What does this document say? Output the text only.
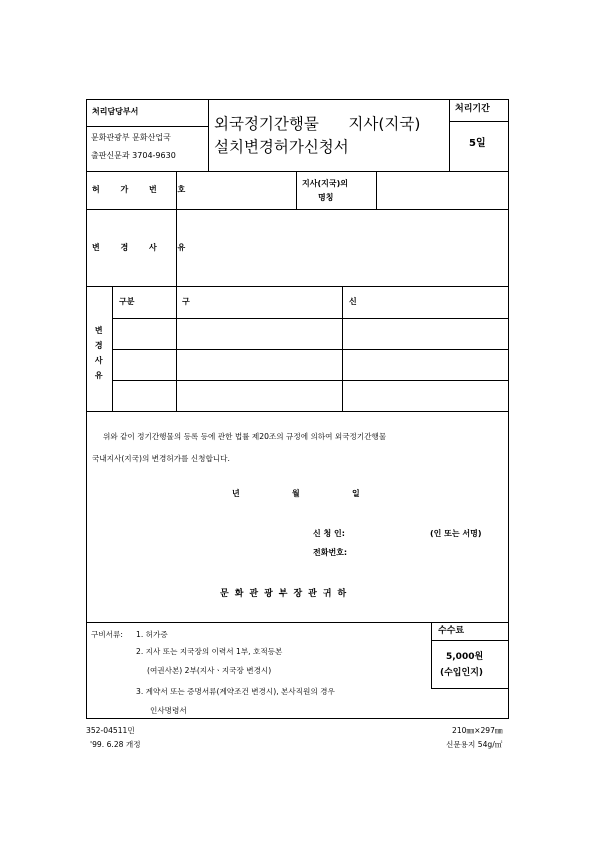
처리담당부서
문화관광부 문화산업국
출판신문과 3704-9630
외국정기간행물      지사(지국)
설치변경허가신청서
처리기간
5일
허 가 번 호
지사(지국)의
명칭
변 경 사 유
변경사유
구분	구	신
위와 같이 정기간행물의 등록 등에 관한 법률 제20조의 규정에 의하여 외국정기간행물
국내지사(지국)의 변경허가를 신청합니다.
년	월	일
신 청 인:	(인 또는 서명)
전화번호:
문화관광부장관귀하
구비서류: 1. 허가증
2. 지사 또는 지국장의 이력서 1부, 호적등본
(여권사본) 2부(지사ㆍ지국장 변경시)
3. 계약서 또는 증명서류(계약조건 변경시), 본사직원의 경우
인사명령서
수수료
5,000원
(수입인지)
352-04511민
'99. 6.28 개정
210㎜×297㎜
신문용지 54g/㎡
